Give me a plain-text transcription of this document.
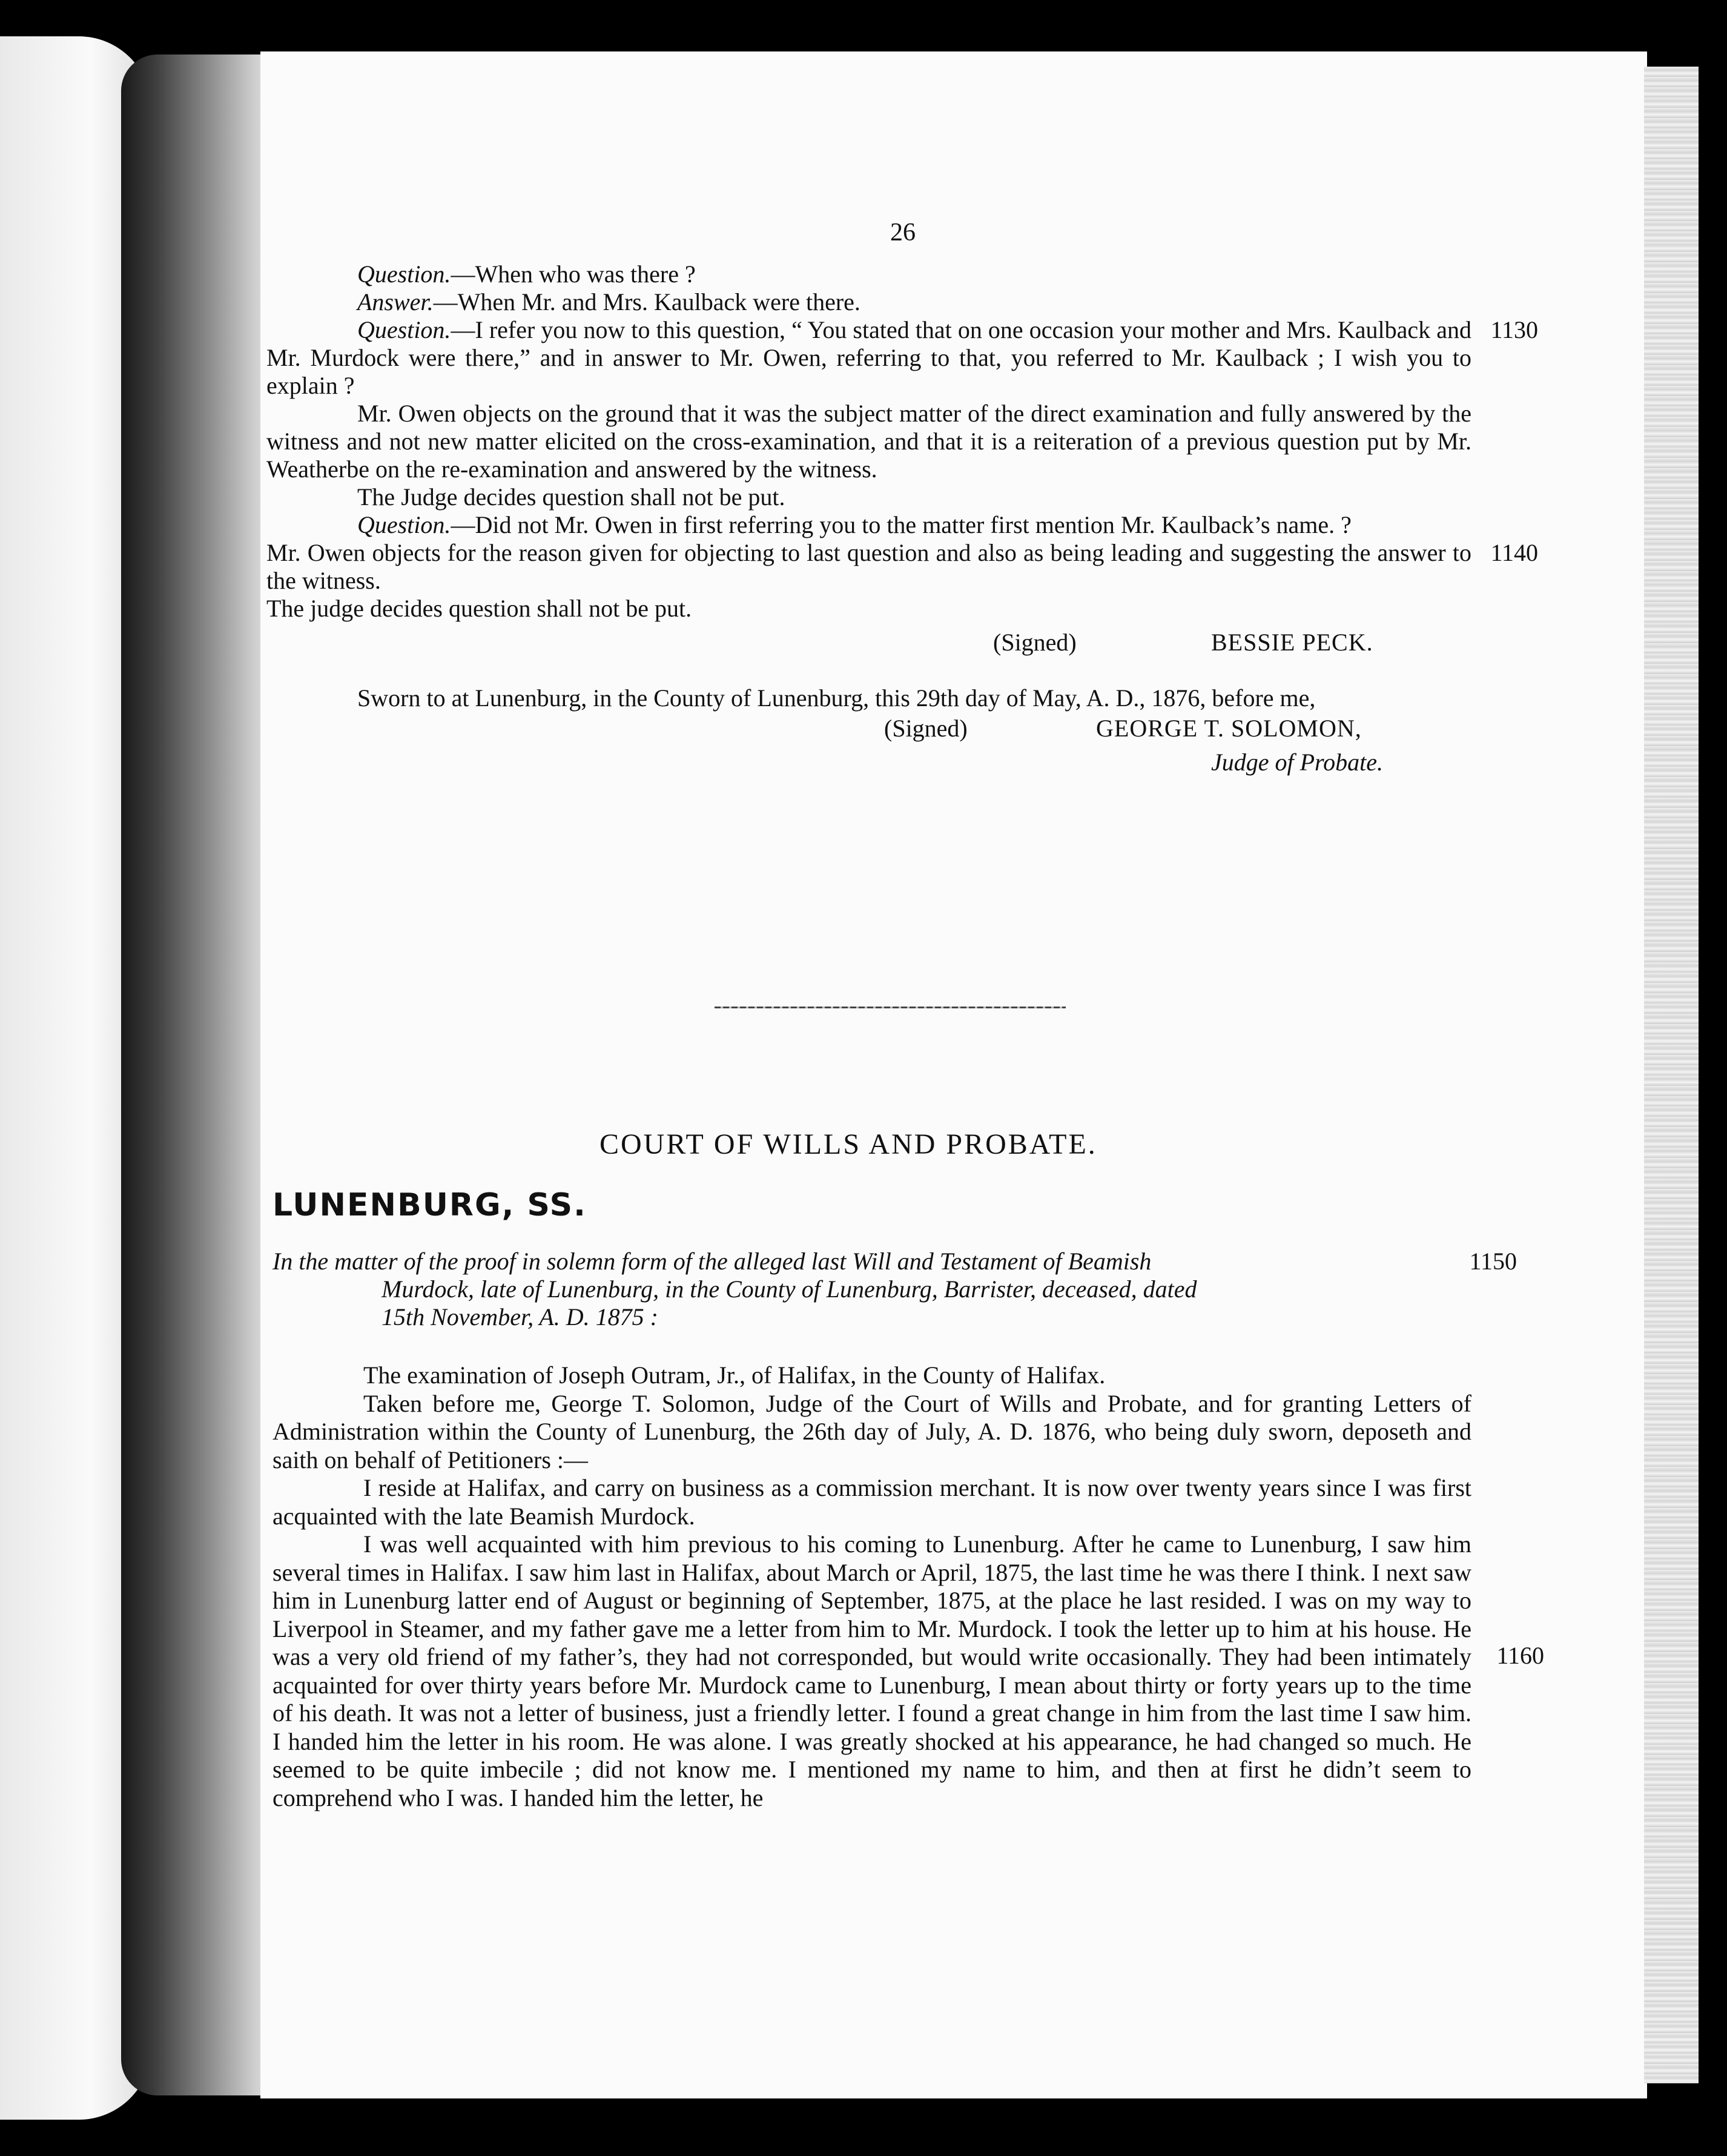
26

Question.—When who was there ?

Answer.—When Mr. and Mrs. Kaulback were there.

Question.—I refer you now to this question, “ You stated that on one occasion your mother and Mrs. Kaulback and Mr. Murdock were there,” and in answer to Mr. Owen, referring to that, you referred to Mr. Kaulback ; I wish you to explain ?
1130

Mr. Owen objects on the ground that it was the subject matter of the direct examination and fully answered by the witness and not new matter elicited on the cross-examination, and that it is a reiteration of a previous question put by Mr. Weatherbe on the re-examination and answered by the witness.

The Judge decides question shall not be put.

Question.—Did not Mr. Owen in first referring you to the matter first mention Mr. Kaulback’s name. ?

Mr. Owen objects for the reason given for objecting to last question and also as being leading and suggesting the answer to the witness.
1140

The judge decides question shall not be put.

(Signed)	BESSIE PECK.

Sworn to at Lunenburg, in the County of Lunenburg, this 29th day of May, A. D., 1876, before me,

(Signed)	GEORGE T. SOLOMON,
Judge of Probate.
COURT OF WILLS AND PROBATE.
LUNENBURG, SS.
In the matter of the proof in solemn form of the alleged last Will and Testament of Beamish	1150
Murdock, late of Lunenburg, in the County of Lunenburg, Barrister, deceased, dated
15th November, A. D. 1875 :

The examination of Joseph Outram, Jr., of Halifax, in the County of Halifax.

Taken before me, George T. Solomon, Judge of the Court of Wills and Probate, and for granting Letters of Administration within the County of Lunenburg, the 26th day of July, A. D. 1876, who being duly sworn, deposeth and saith on behalf of Petitioners :—

I reside at Halifax, and carry on business as a commission merchant. It is now over twenty years since I was first acquainted with the late Beamish Murdock.

I was well acquainted with him previous to his coming to Lunenburg. After he came to Lunenburg, I saw him several times in Halifax. I saw him last in Halifax, about March or April, 1875, the last time he was there I think. I next saw him in Lunenburg latter end of August or beginning of September, 1875, at the place he last resided. I was on my way to Liverpool in Steamer, and my father gave me a letter from him to Mr. Murdock. I took the letter up to him at his house. He was a very old friend of my father’s, they had not corresponded, but would write occasionally. They had been intimately acquainted for over thirty years before Mr. Murdock came to Lunenburg, I mean about thirty or forty years up to the time of his death. It was not a letter of business, just a friendly letter. I found a great change in him from the last time I saw him. I handed him the letter in his room. He was alone. I was greatly shocked at his appearance, he had changed so much. He seemed to be quite imbecile ; did not know me. I mentioned my name to him, and then at first he didn’t seem to comprehend who I was. I handed him the letter, he
1160
